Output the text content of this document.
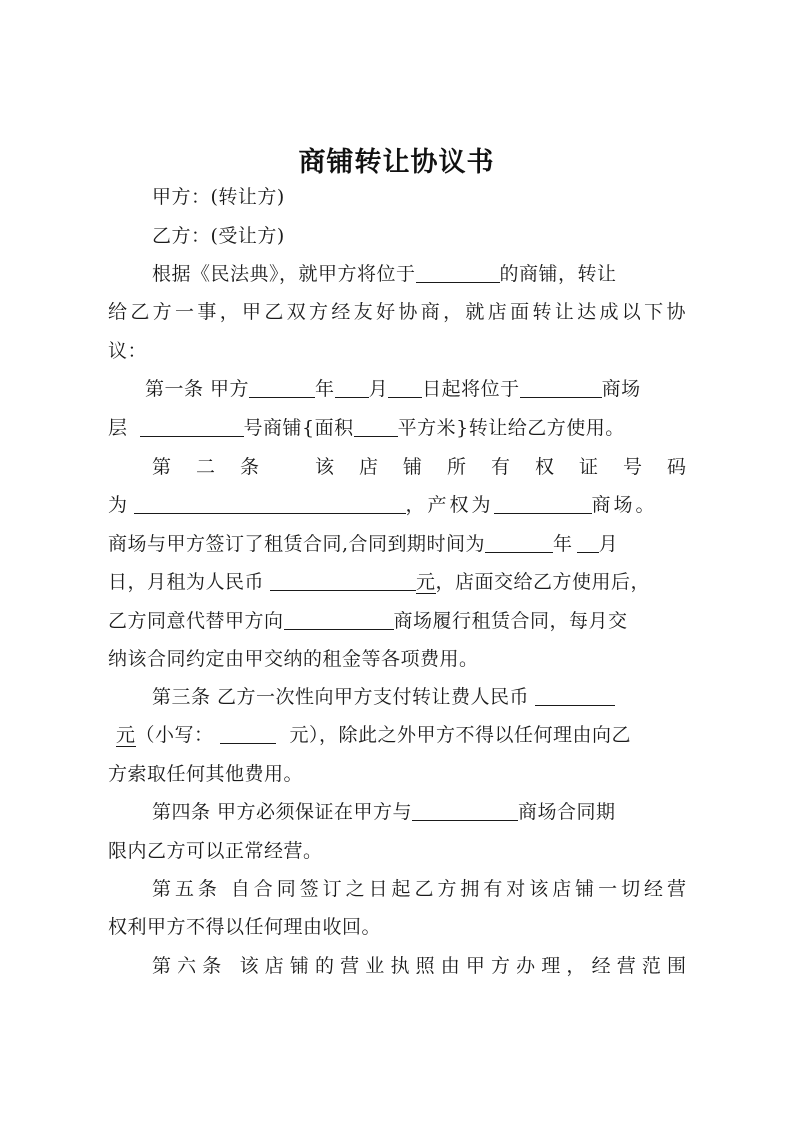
商铺转让协议书
甲方：(转让方)
乙方：(受让方)
根据《民法典》，就甲方将位于	的商铺，转让
给乙方一事，甲乙双方经友好协商，就店面转让达成以下协
议：
第一条 甲方	年 月 日起将位于	商场
层	号商铺{面积 平方米}转让给乙方使用。
第二条 该店铺所有权证号码
为	，产权为	商场。
商场与甲方签订了租赁合同,合同到期时间为	年 月
日，月租为人民币	元，店面交给乙方使用后，
乙方同意代替甲方向	商场履行租赁合同，每月交
纳该合同约定由甲交纳的租金等各项费用。
第三条 乙方一次性向甲方支付转让费人民币
元（小写：	元），除此之外甲方不得以任何理由向乙
方索取任何其他费用。
第四条 甲方必须保证在甲方与	商场合同期
限内乙方可以正常经营。
第五条 自合同签订之日起乙方拥有对该店铺一切经营
权利甲方不得以任何理由收回。
第六条 该店铺的营业执照由甲方办理，经营范围
